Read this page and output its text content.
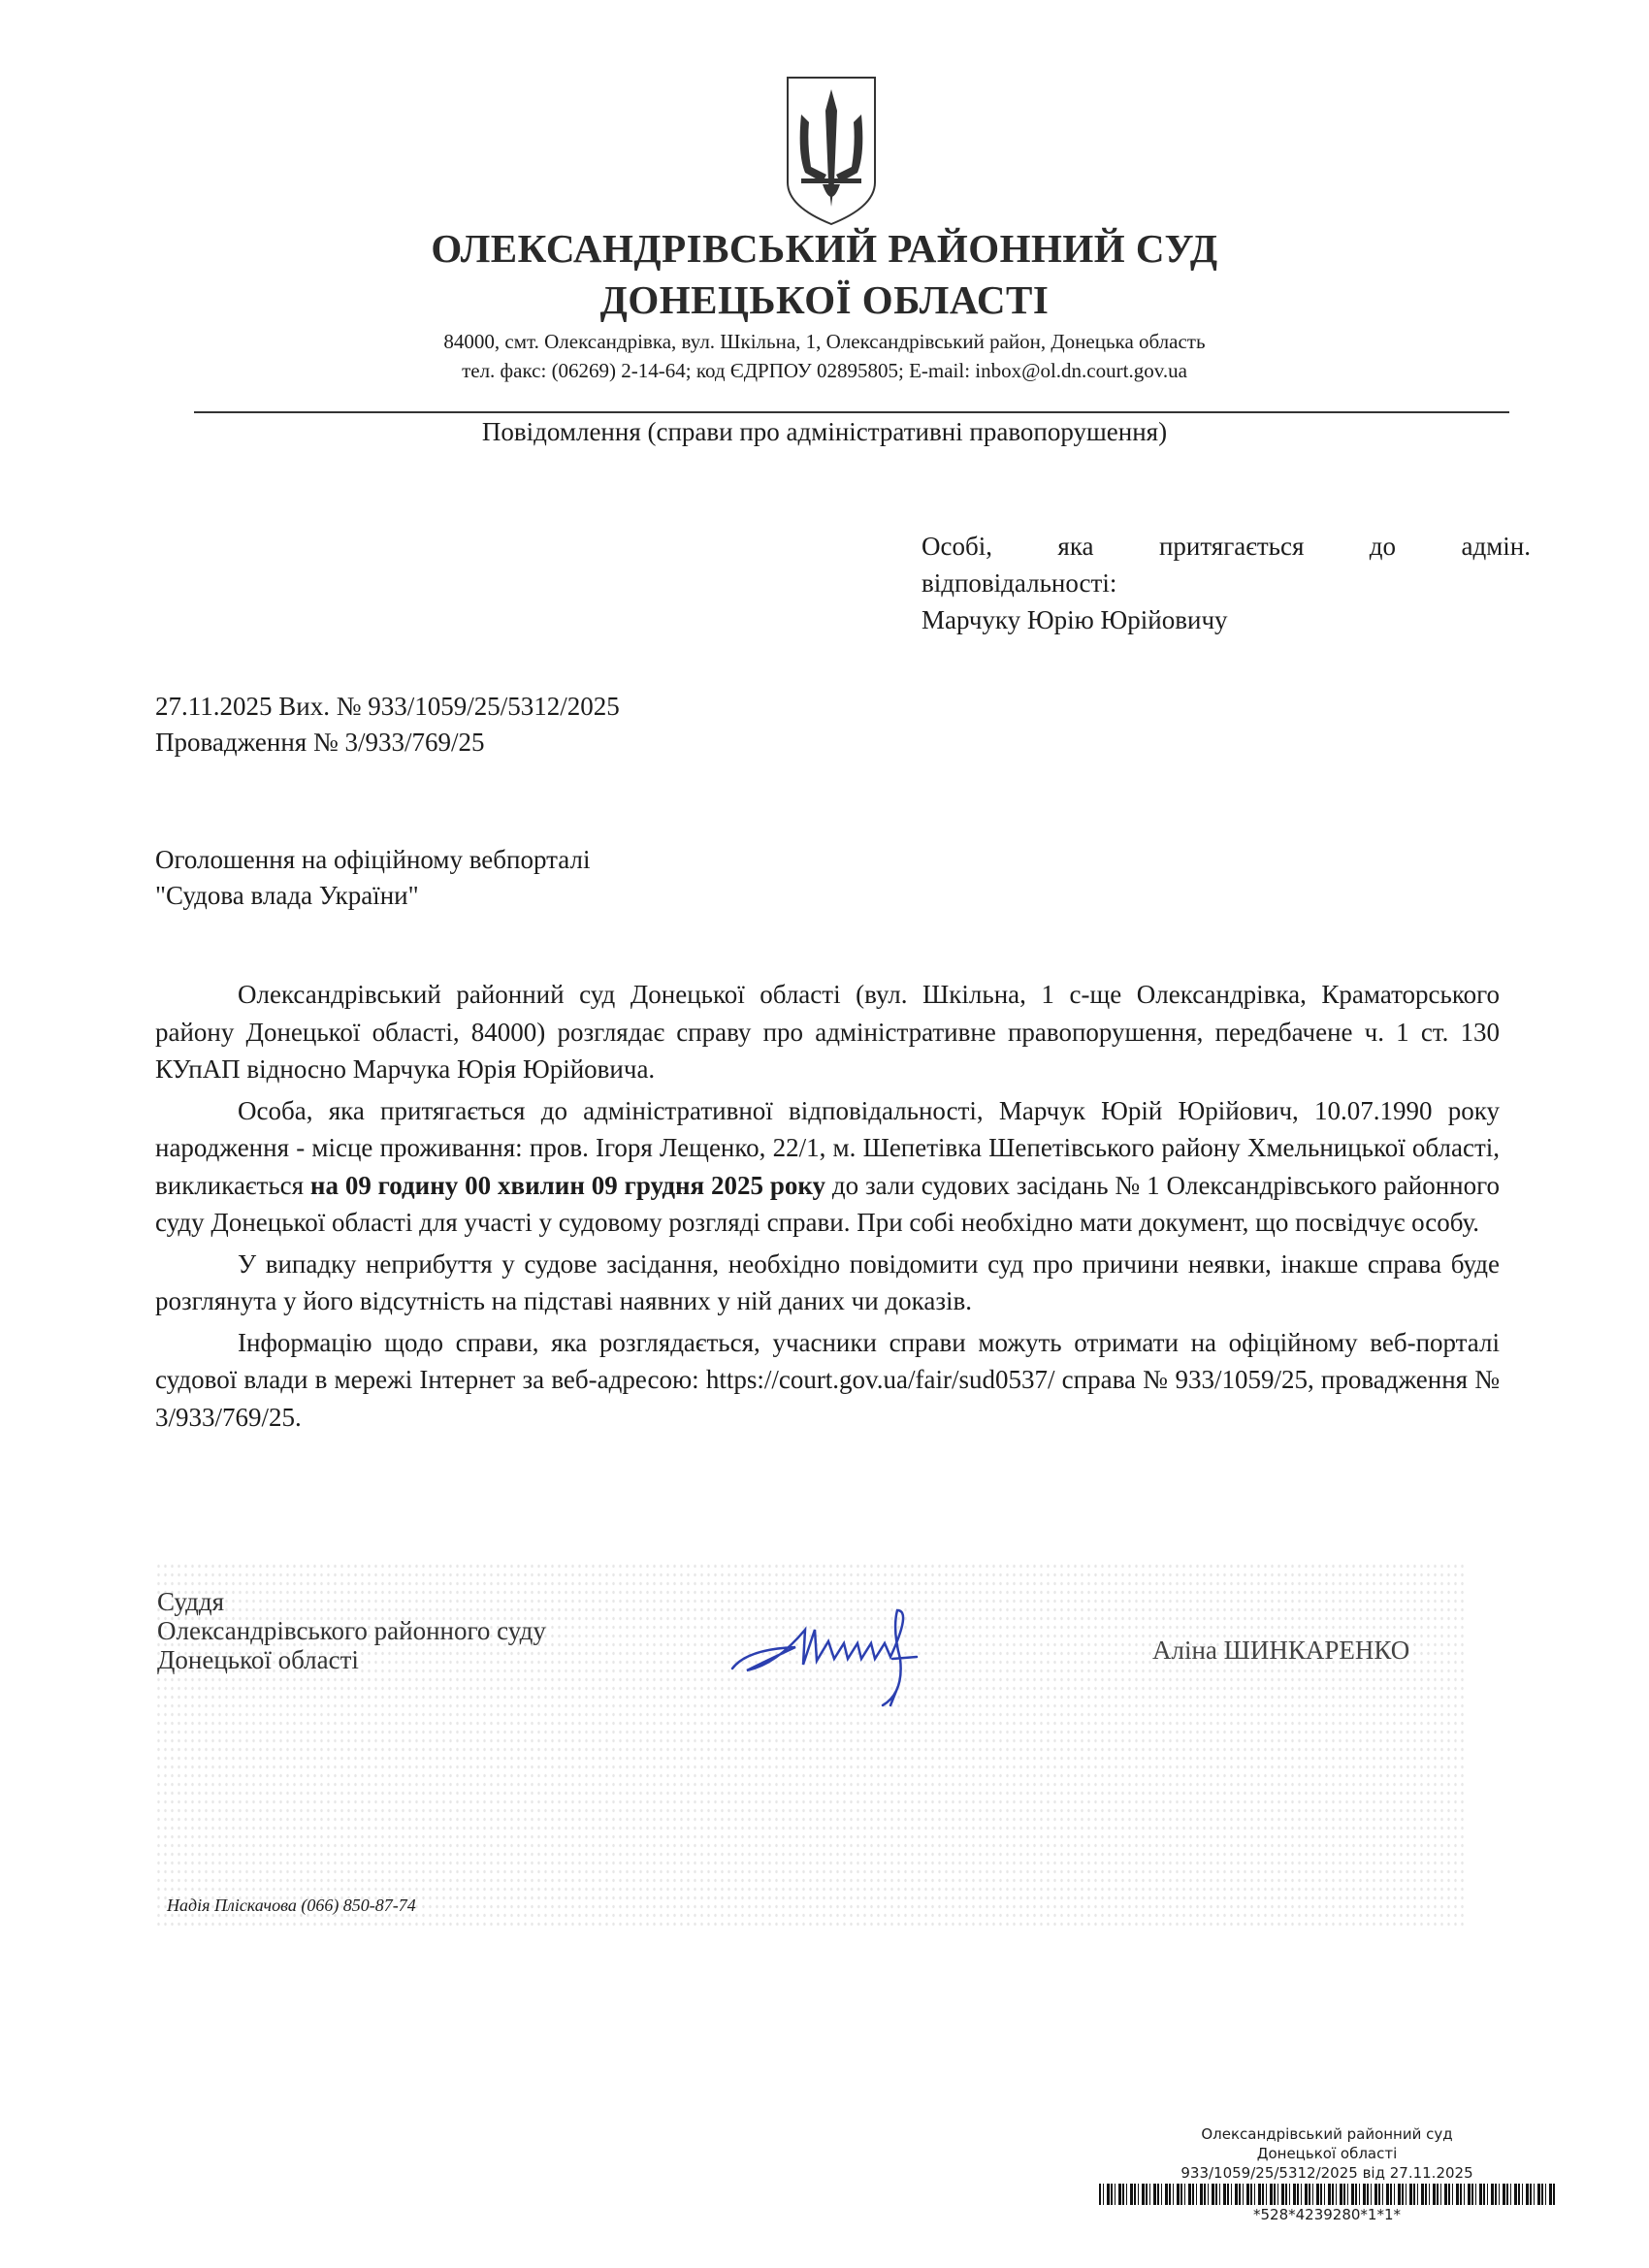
ОЛЕКСАНДРІВСЬКИЙ РАЙОННИЙ СУД
ДОНЕЦЬКОЇ ОБЛАСТІ
84000, смт. Олександрівка, вул. Шкільна, 1, Олександрівський район, Донецька область
тел. факс: (06269) 2-14-64; код ЄДРПОУ 02895805; E-mail: inbox@ol.dn.court.gov.ua
Повідомлення (справи про адміністративні правопорушення)
Особі, яка притягається до адмін.
відповідальності:
Марчуку Юрію Юрійовичу
27.11.2025 Вих. № 933/1059/25/5312/2025
Провадження № 3/933/769/25
Оголошення на офіційному вебпорталі
"Судова влада України"

Олександрівський районний суд Донецької області (вул. Шкільна, 1 с-ще Олександрівка, Краматорського району Донецької області, 84000) розглядає справу про адміністративне правопорушення, передбачене ч. 1 ст. 130 КУпАП відносно Марчука Юрія Юрійовича.

Особа, яка притягається до адміністративної відповідальності, Марчук Юрій Юрійович, 10.07.1990 року народження - місце проживання: пров. Ігоря Лещенко, 22/1, м. Шепетівка Шепетівського району Хмельницької області, викликається на 09 годину 00 хвилин 09 грудня 2025 року до зали судових засідань № 1 Олександрівського районного суду Донецької області для участі у судовому розгляді справи. При собі необхідно мати документ, що посвідчує особу.

У випадку неприбуття у судове засідання, необхідно повідомити суд про причини неявки, інакше справа буде розглянута у його відсутність на підставі наявних у ній даних чи доказів.

Інформацію щодо справи, яка розглядається, учасники справи можуть отримати на офіційному веб-порталі судової влади в мережі Інтернет за веб-адресою: https://court.gov.ua/fair/sud0537/ справа № 933/1059/25, провадження № 3/933/769/25.

Суддя
Олександрівського районного суду
Донецької області	Аліна ШИНКАРЕНКО
Надія Пліскачова (066) 850-87-74
Олександрівський районний суд
Донецької області
933/1059/25/5312/2025 від 27.11.2025
*528*4239280*1*1*
